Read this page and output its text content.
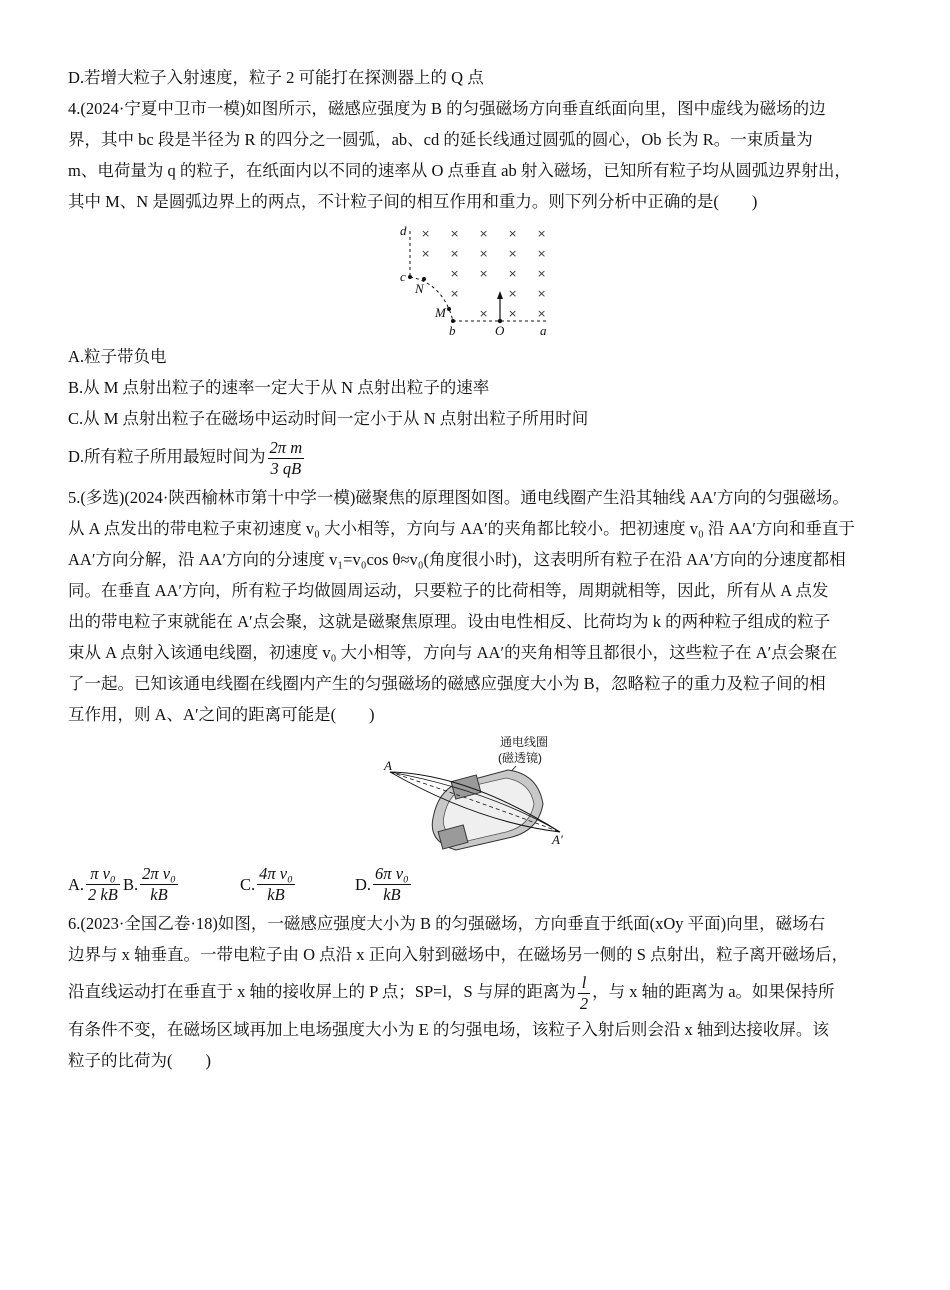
D.若增大粒子入射速度，粒子 2 可能打在探测器上的 Q 点

4.(2024·宁夏中卫市一模)如图所示，磁感应强度为 B 的匀强磁场方向垂直纸面向里，图中虚线为磁场的边

界，其中 bc 段是半径为 R 的四分之一圆弧，ab、cd 的延长线通过圆弧的圆心，Ob 长为 R。一束质量为

m、电荷量为 q 的粒子，在纸面内以不同的速率从 O 点垂直 ab 射入磁场，已知所有粒子均从圆弧边界射出，

其中 M、N 是圆弧边界上的两点，不计粒子间的相互作用和重力。则下列分析中正确的是(　　)

d
c
N
M
b	O	a
× × × × ×
× × × × ×
× × × ×
×	× ×
× × ×

A.粒子带负电

B.从 M 点射出粒子的速率一定大于从 N 点射出粒子的速率

C.从 M 点射出粒子在磁场中运动时间一定小于从 N 点射出粒子所用时间

D.所有粒子所用最短时间为 $\frac{\text{2π m}}{3 qB}$

5.(多选)(2024·陕西榆林市第十中学一模)磁聚焦的原理图如图。通电线圈产生沿其轴线 AA′方向的匀强磁场。

从 A 点发出的带电粒子束初速度 v₀ 大小相等，方向与 AA′的夹角都比较小。把初速度 v₀ 沿 AA′方向和垂直于

AA′方向分解，沿 AA′方向的分速度 v₁=v₀cos θ≈v₀(角度很小时)，这表明所有粒子在沿 AA′方向的分速度都相

同。在垂直 AA′方向，所有粒子均做圆周运动，只要粒子的比荷相等，周期就相等，因此，所有从 A 点发

出的带电粒子束就能在 A′点会聚，这就是磁聚焦原理。设由电性相反、比荷均为 k 的两种粒子组成的粒子

束从 A 点射入该通电线圈，初速度 v₀ 大小相等，方向与 AA′的夹角相等且都很小，这些粒子在 A′点会聚在

了一起。已知该通电线圈在线圈内产生的匀强磁场的磁感应强度大小为 B，忽略粒子的重力及粒子间的相

互作用，则 A、A′之间的距离可能是(　　)

通电线圈
(磁透镜)
A
A′
A. $\frac{\text{π v₀}}{2 kB} B$. $\frac{\text{2π v₀}}{kB}$	C. $\frac{\text{4π v₀}}{kB}$	D. $\frac{\text{6π v₀}}{kB}$

6.(2023·全国乙卷·18)如图，一磁感应强度大小为 B 的匀强磁场，方向垂直于纸面(xOy 平面)向里，磁场右

边界与 x 轴垂直。一带电粒子由 O 点沿 x 正向入射到磁场中，在磁场另一侧的 S 点射出，粒子离开磁场后，

沿直线运动打在垂直于 x 轴的接收屏上的 P 点；SP=l，S 与屏的距离为 $\frac{l}{2}$ ，与 x 轴的距离为 a。如果保持所

有条件不变，在磁场区域再加上电场强度大小为 E 的匀强电场，该粒子入射后则会沿 x 轴到达接收屏。该

粒子的比荷为(　　)
